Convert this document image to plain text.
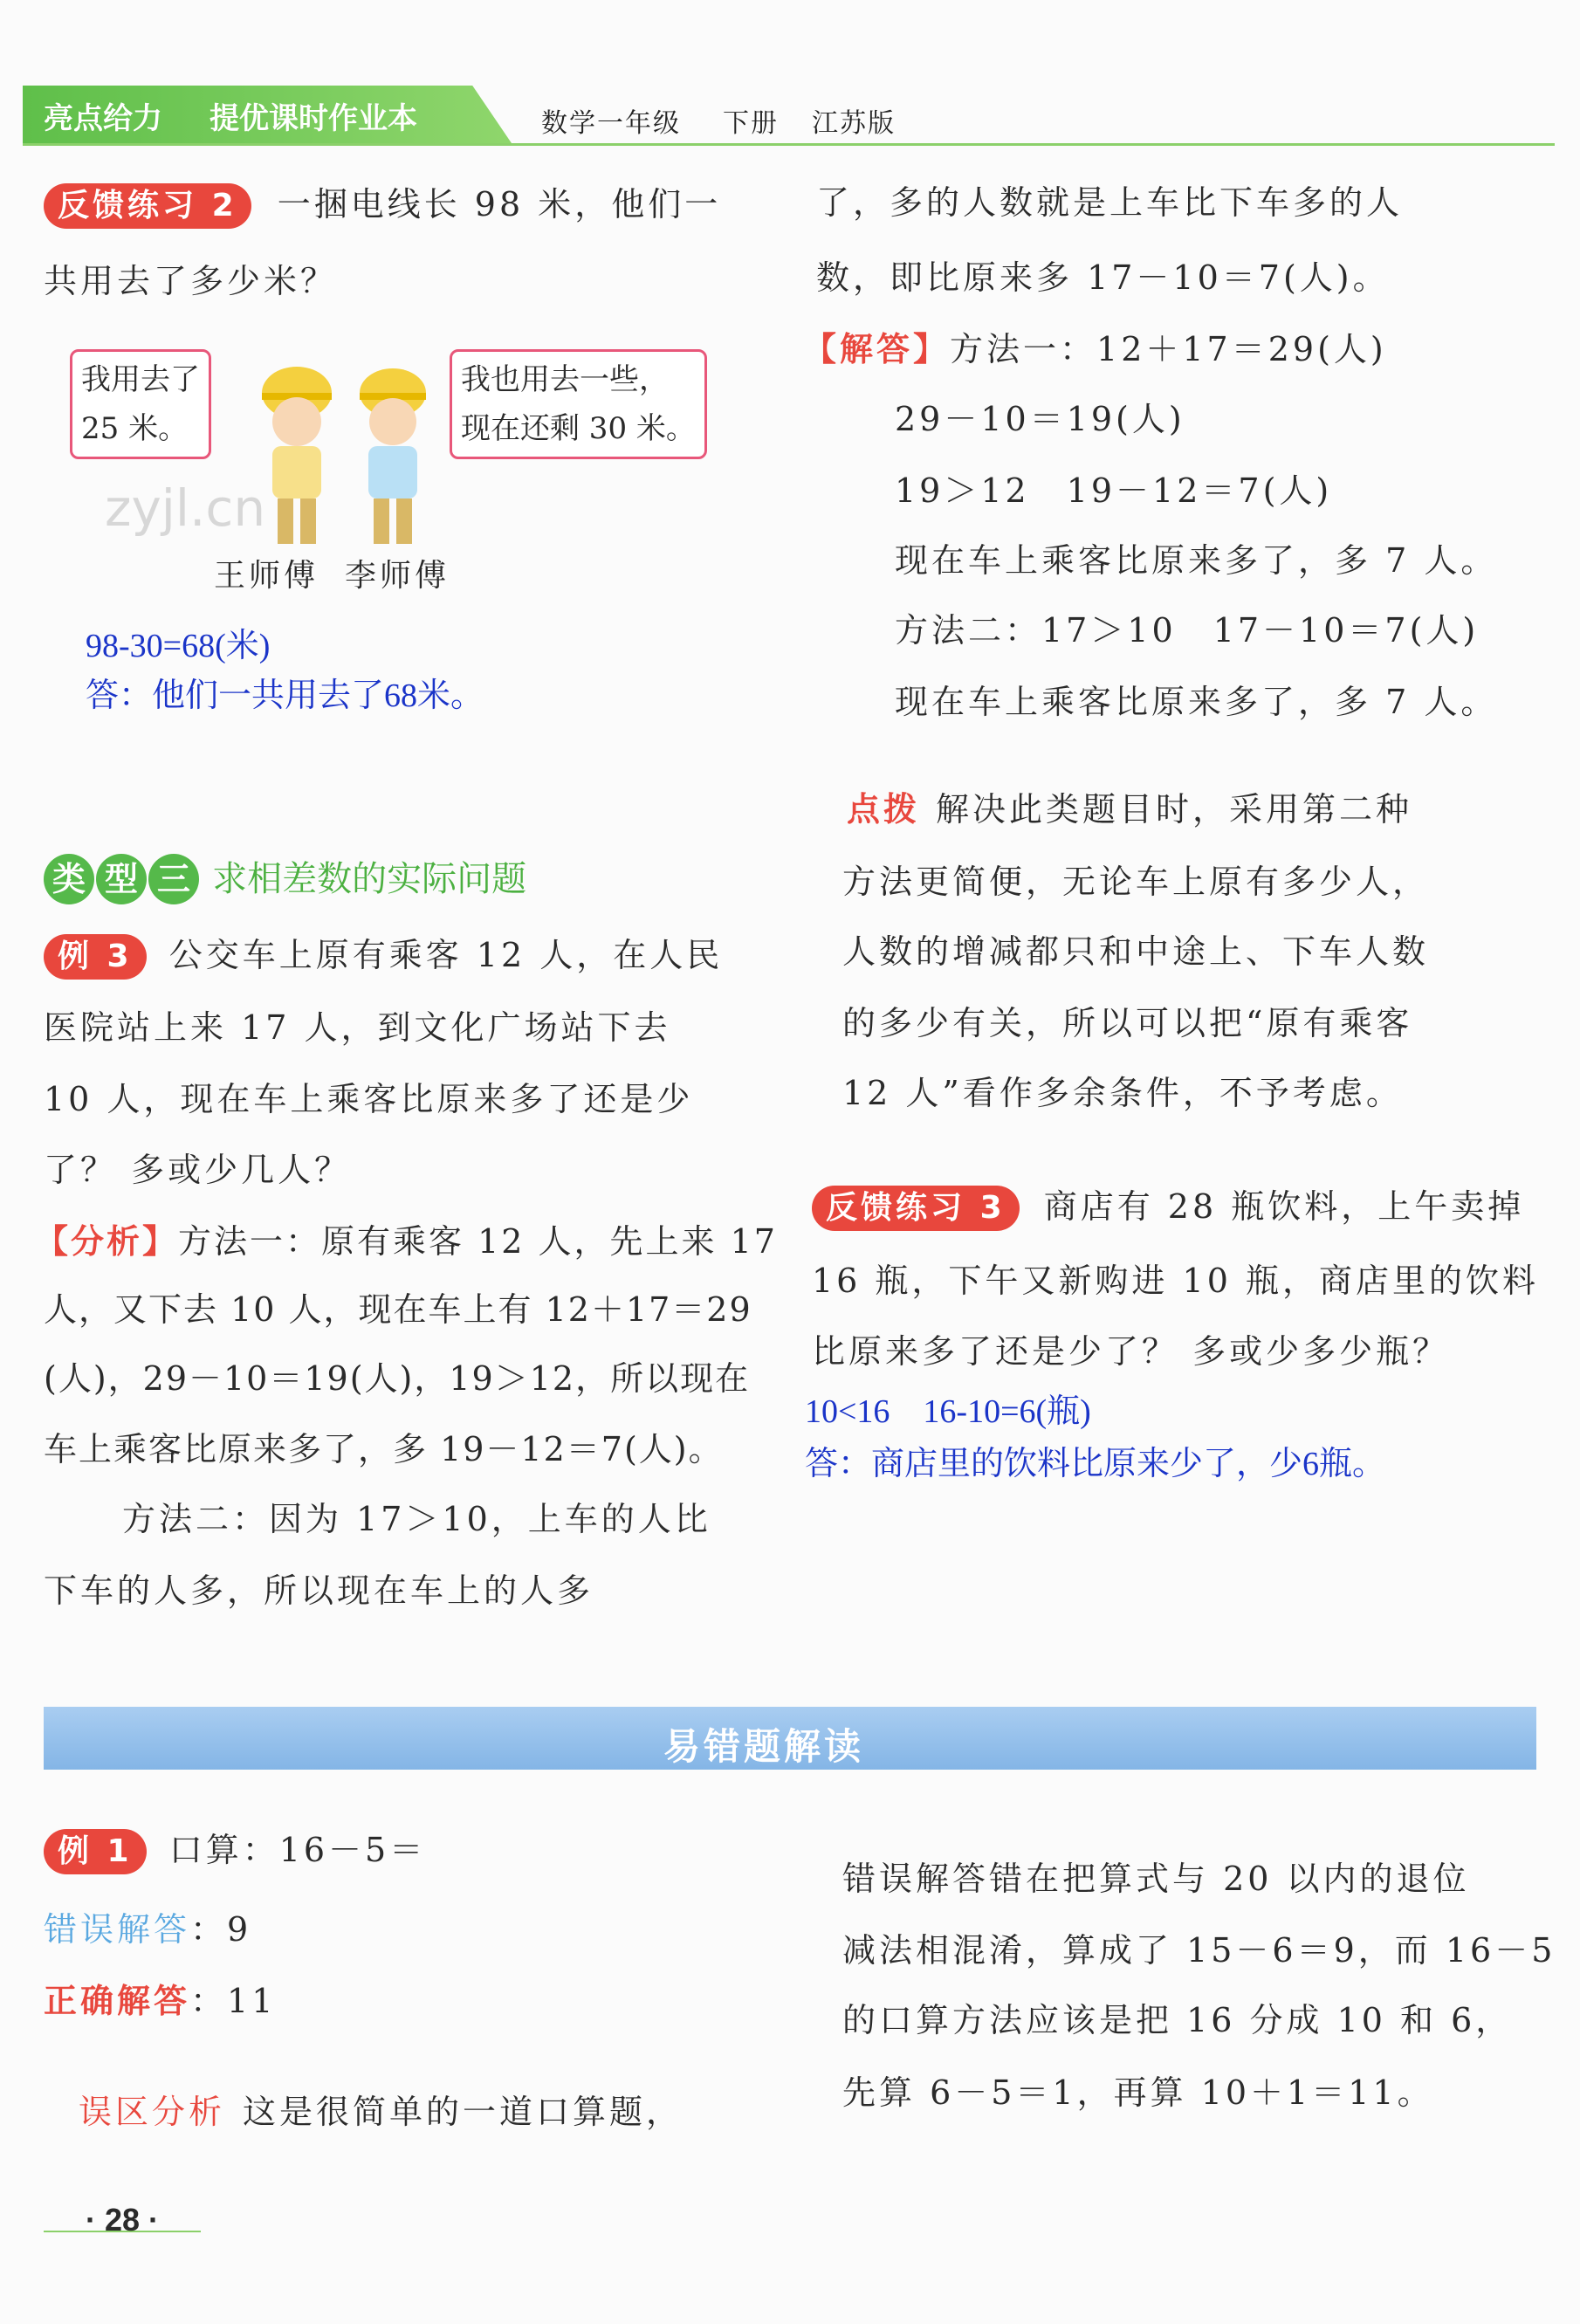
亮点给力 提优课时作业本	数学一年级 下册 江苏版
反馈练习 2 一捆电线长 98 米，他们一
共用去了多少米？
我用去了
25 米。
我也用去一些，
现在还剩 30 米。
zyjl.cn
王师傅 李师傅
98-30=68(米)
答：他们一共用去了68米。
类 型 三 求相差数的实际问题
例 3 公交车上原有乘客 12 人，在人民
医院站上来 17 人，到文化广场站下去
10 人，现在车上乘客比原来多了还是少
了？ 多或少几人？
【分析】方法一：原有乘客 12 人，先上来 17
人，又下去 10 人，现在车上有 12＋17＝29
(人)，29－10＝19(人)，19＞12，所以现在
车上乘客比原来多了，多 19－12＝7(人)。
方法二：因为 17＞10，上车的人比
下车的人多，所以现在车上的人多
了，多的人数就是上车比下车多的人
数，即比原来多 17－10＝7(人)。
【解答】方法一：12＋17＝29(人)
29－10＝19(人)
19＞12　19－12＝7(人)
现在车上乘客比原来多了，多 7 人。
方法二：17＞10　17－10＝7(人)
现在车上乘客比原来多了，多 7 人。
点拨 解决此类题目时，采用第二种
方法更简便，无论车上原有多少人，
人数的增减都只和中途上、下车人数
的多少有关，所以可以把“原有乘客
12 人”看作多余条件，不予考虑。
反馈练习 3 商店有 28 瓶饮料，上午卖掉
16 瓶，下午又新购进 10 瓶，商店里的饮料
比原来多了还是少了？ 多或少多少瓶？
10<16　16-10=6(瓶)
答：商店里的饮料比原来少了，少6瓶。
易错题解读
例 1 口算：16－5＝
错误解答：9
正确解答：11
误区分析 这是很简单的一道口算题，
错误解答错在把算式与 20 以内的退位
减法相混淆，算成了 15－6＝9，而 16－5
的口算方法应该是把 16 分成 10 和 6，
先算 6－5＝1，再算 10＋1＝11。
· 28 ·
